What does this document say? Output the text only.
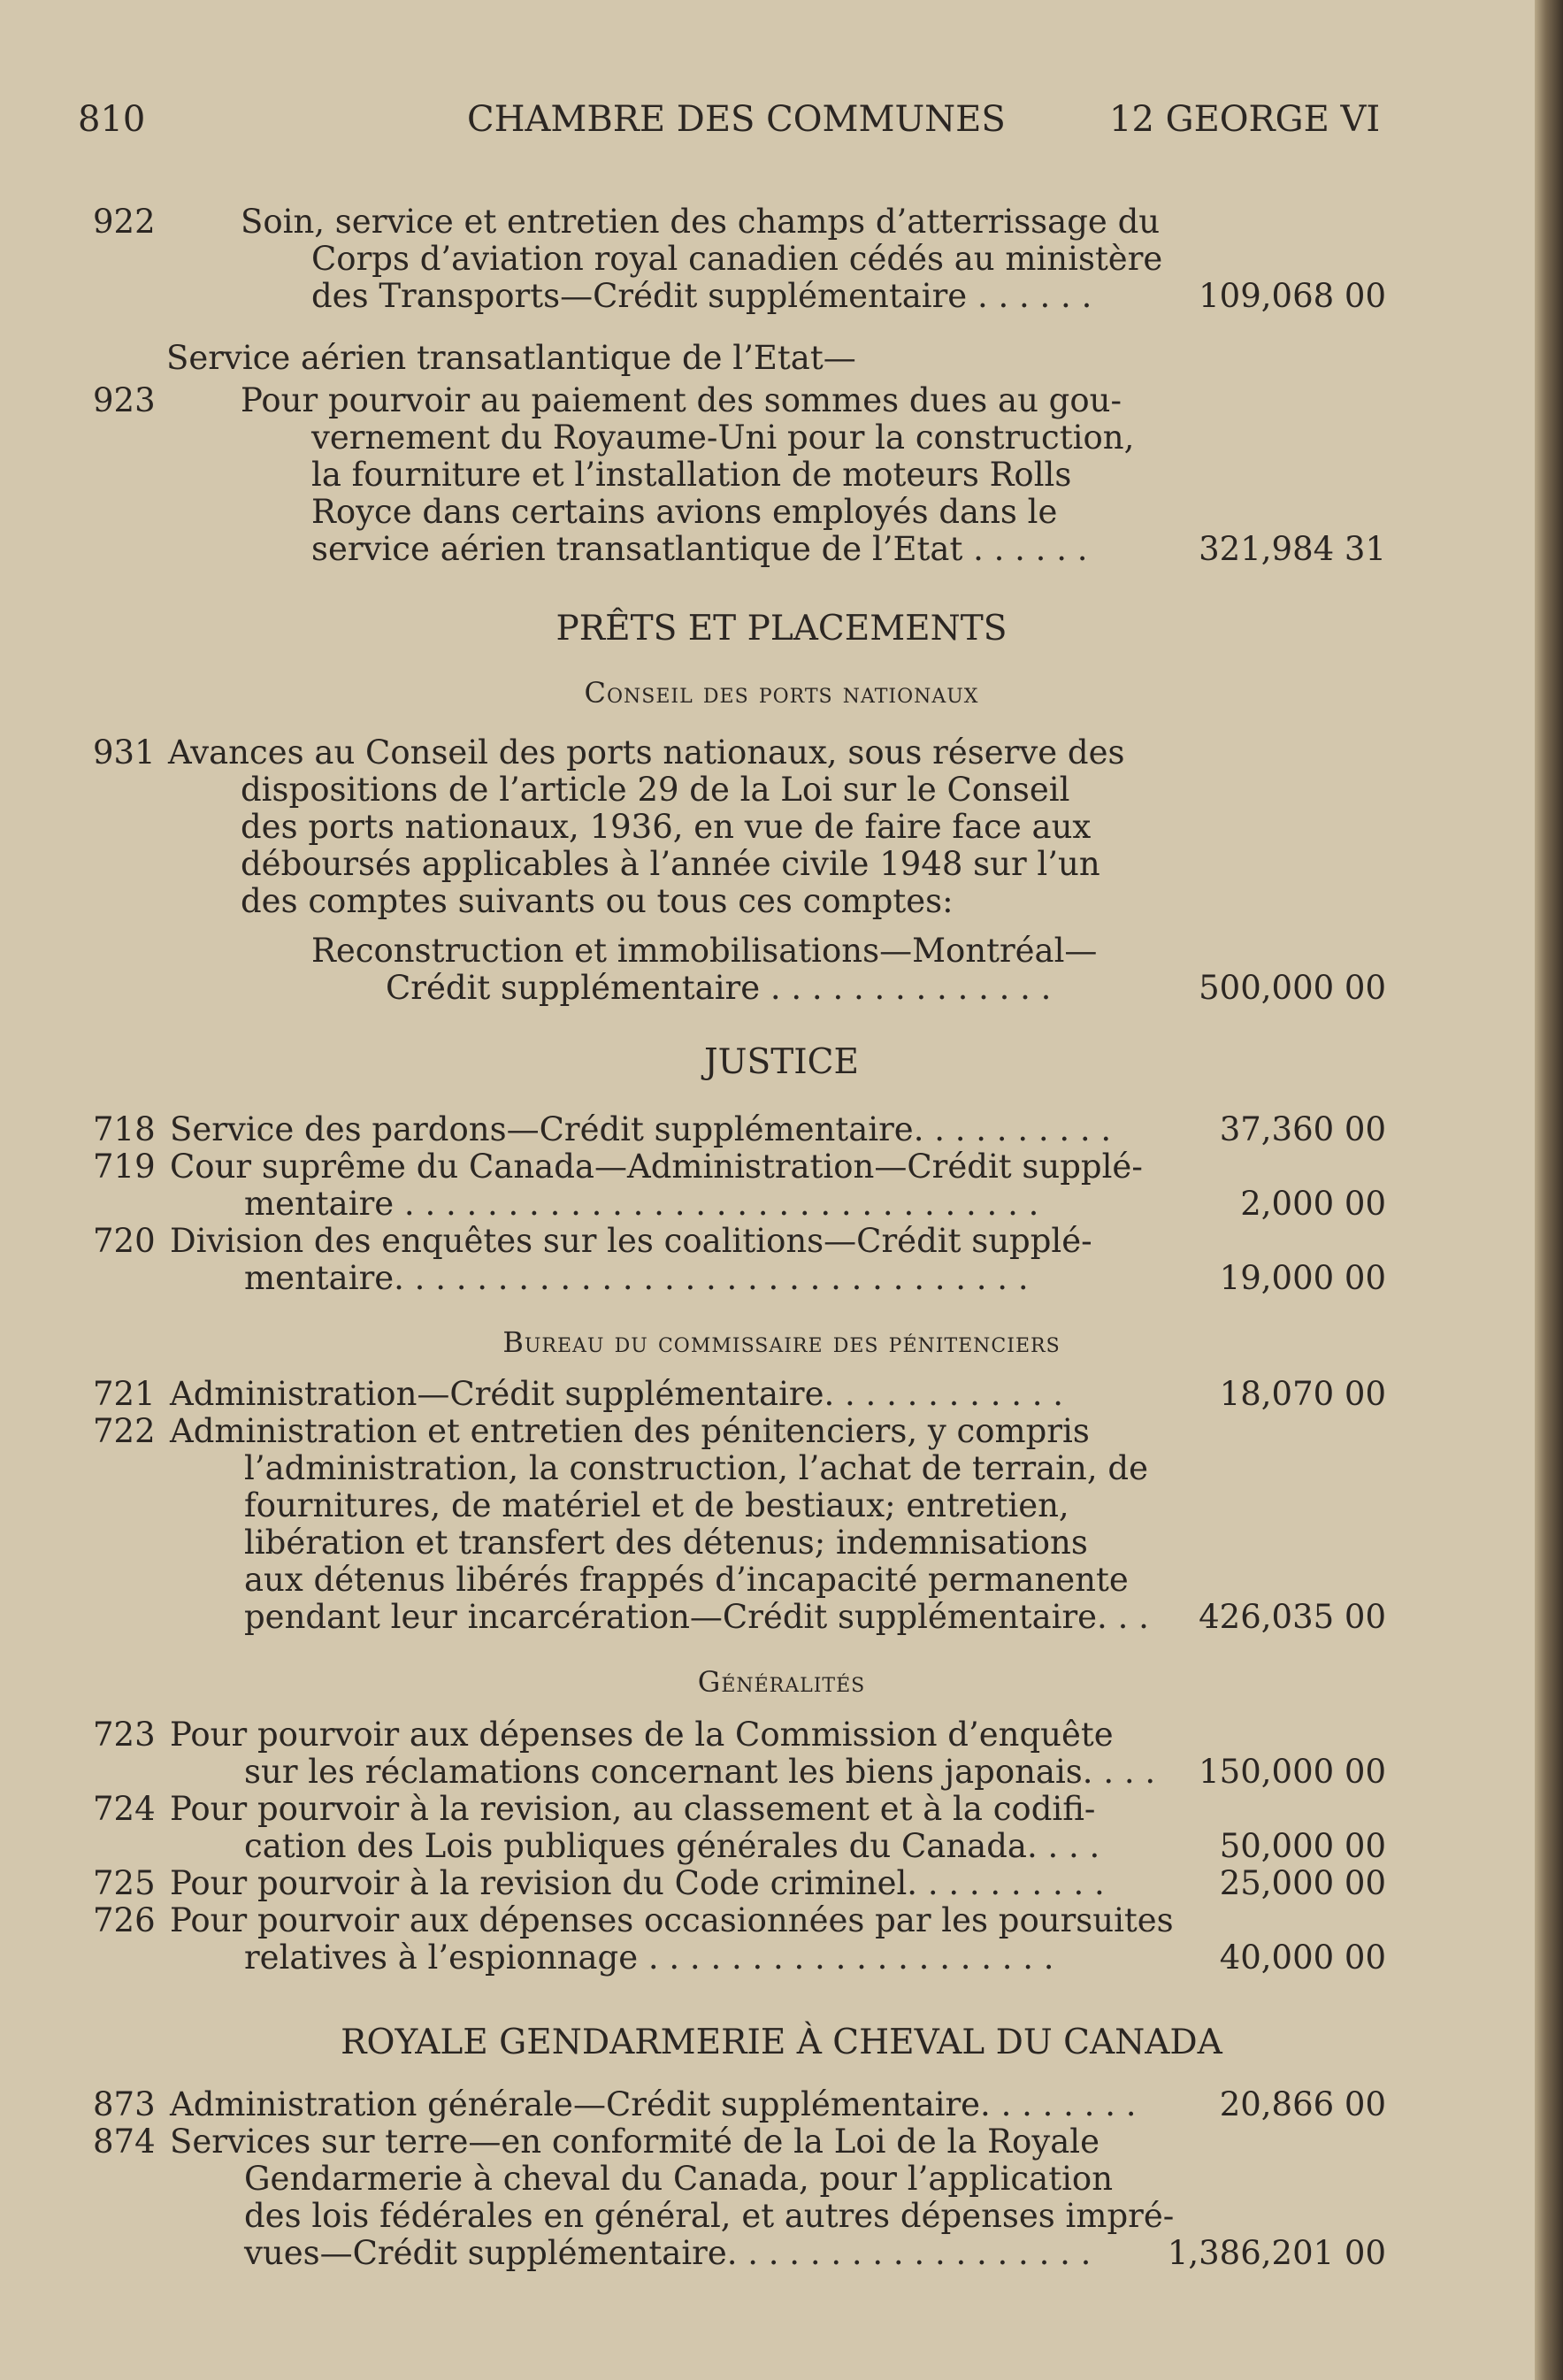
810	CHAMBRE DES COMMUNES	12 GEORGE VI
922	Soin, service et entretien des champs d’atterrissage du
Corps d’aviation royal canadien cédés au ministère
des Transports—Crédit supplémentaire . . . . . .	109,068 00
Service aérien transatlantique de l’Etat—
923	Pour pourvoir au paiement des sommes dues au gou-
vernement du Royaume-Uni pour la construction,
la fourniture et l’installation de moteurs Rolls
Royce dans certains avions employés dans le
service aérien transatlantique de l’Etat . . . . . .	321,984 31
PRÊTS ET PLACEMENTS
Conseil des ports nationaux
931 Avances au Conseil des ports nationaux, sous réserve des
dispositions de l’article 29 de la Loi sur le Conseil
des ports nationaux, 1936, en vue de faire face aux
déboursés applicables à l’année civile 1948 sur l’un
des comptes suivants ou tous ces comptes:
Reconstruction et immobilisations—Montréal—
Crédit supplémentaire . . . . . . . . . . . . . .	500,000 00
JUSTICE
718 Service des pardons—Crédit supplémentaire. . . . . . . . . .	37,360 00
719 Cour suprême du Canada—Administration—Crédit supplé-
mentaire . . . . . . . . . . . . . . . . . . . . . . . . . . . . . . .	2,000 00
720 Division des enquêtes sur les coalitions—Crédit supplé-
mentaire. . . . . . . . . . . . . . . . . . . . . . . . . . . . . . .	19,000 00
Bureau du commissaire des pénitenciers
721 Administration—Crédit supplémentaire. . . . . . . . . . . .	18,070 00
722 Administration et entretien des pénitenciers, y compris
l’administration, la construction, l’achat de terrain, de
fournitures, de matériel et de bestiaux; entretien,
libération et transfert des détenus; indemnisations
aux détenus libérés frappés d’incapacité permanente
pendant leur incarcération—Crédit supplémentaire. . . 426,035 00
Généralités
723 Pour pourvoir aux dépenses de la Commission d’enquête
sur les réclamations concernant les biens japonais. . . . 150,000 00
724 Pour pourvoir à la revision, au classement et à la codifi-
cation des Lois publiques générales du Canada. . . .	50,000 00
725 Pour pourvoir à la revision du Code criminel. . . . . . . . . .	25,000 00
726 Pour pourvoir aux dépenses occasionnées par les poursuites
relatives à l’espionnage . . . . . . . . . . . . . . . . . . . .	40,000 00
ROYALE GENDARMERIE À CHEVAL DU CANADA
873 Administration générale—Crédit supplémentaire. . . . . . . .	20,866 00
874 Services sur terre—en conformité de la Loi de la Royale
Gendarmerie à cheval du Canada, pour l’application
des lois fédérales en général, et autres dépenses impré-
vues—Crédit supplémentaire. . . . . . . . . . . . . . . . . . 1,386,201 00
